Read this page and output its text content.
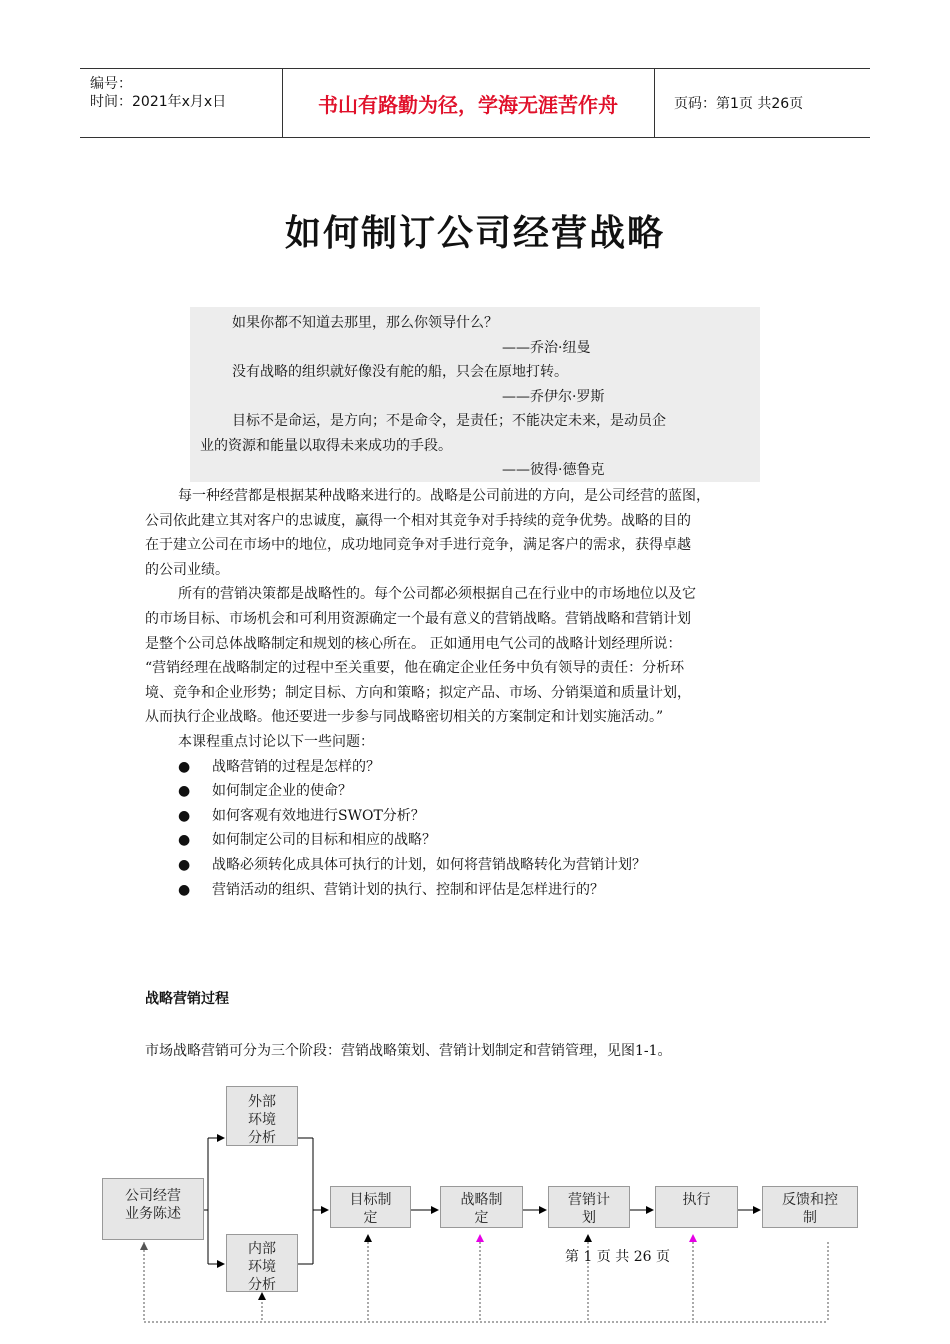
编号：
时间：2021年x月x日	书山有路勤为径，学海无涯苦作舟	页码：第1页 共26页
如何制订公司经营战略

如果你都不知道去那里，那么你领导什么？

——乔治·纽曼

没有战略的组织就好像没有舵的船，只会在原地打转。

——乔伊尔·罗斯

目标不是命运，是方向；不是命令，是责任；不能决定未来，是动员企

业的资源和能量以取得未来成功的手段。

——彼得·德鲁克

每一种经营都是根据某种战略来进行的。战略是公司前进的方向，是公司经营的蓝图，

公司依此建立其对客户的忠诚度，赢得一个相对其竞争对手持续的竞争优势。战略的目的

在于建立公司在市场中的地位，成功地同竞争对手进行竞争，满足客户的需求，获得卓越

的公司业绩。

所有的营销决策都是战略性的。每个公司都必须根据自己在行业中的市场地位以及它

的市场目标、市场机会和可利用资源确定一个最有意义的营销战略。营销战略和营销计划

是整个公司总体战略制定和规划的核心所在。 正如通用电气公司的战略计划经理所说：

“营销经理在战略制定的过程中至关重要，他在确定企业任务中负有领导的责任：分析环

境、竞争和企业形势；制定目标、方向和策略；拟定产品、市场、分销渠道和质量计划，

从而执行企业战略。他还要进一步参与同战略密切相关的方案制定和计划实施活动。”

本课程重点讨论以下一些问题：

●	战略营销的过程是怎样的？
●	如何制定企业的使命？
●	如何客观有效地进行SWOT分析？
●	如何制定公司的目标和相应的战略？
●	战略必须转化成具体可执行的计划，如何将营销战略转化为营销计划？
●	营销活动的组织、营销计划的执行、控制和评估是怎样进行的？
战略营销过程
市场战略营销可分为三个阶段：营销战略策划、营销计划制定和营销管理，见图1-1。
公司经营
业务陈述
外部
环境
分析
内部
环境
分析
目标制
定
战略制
定
营销计
划
执行	反馈和控
制
第 1 页 共 26 页
